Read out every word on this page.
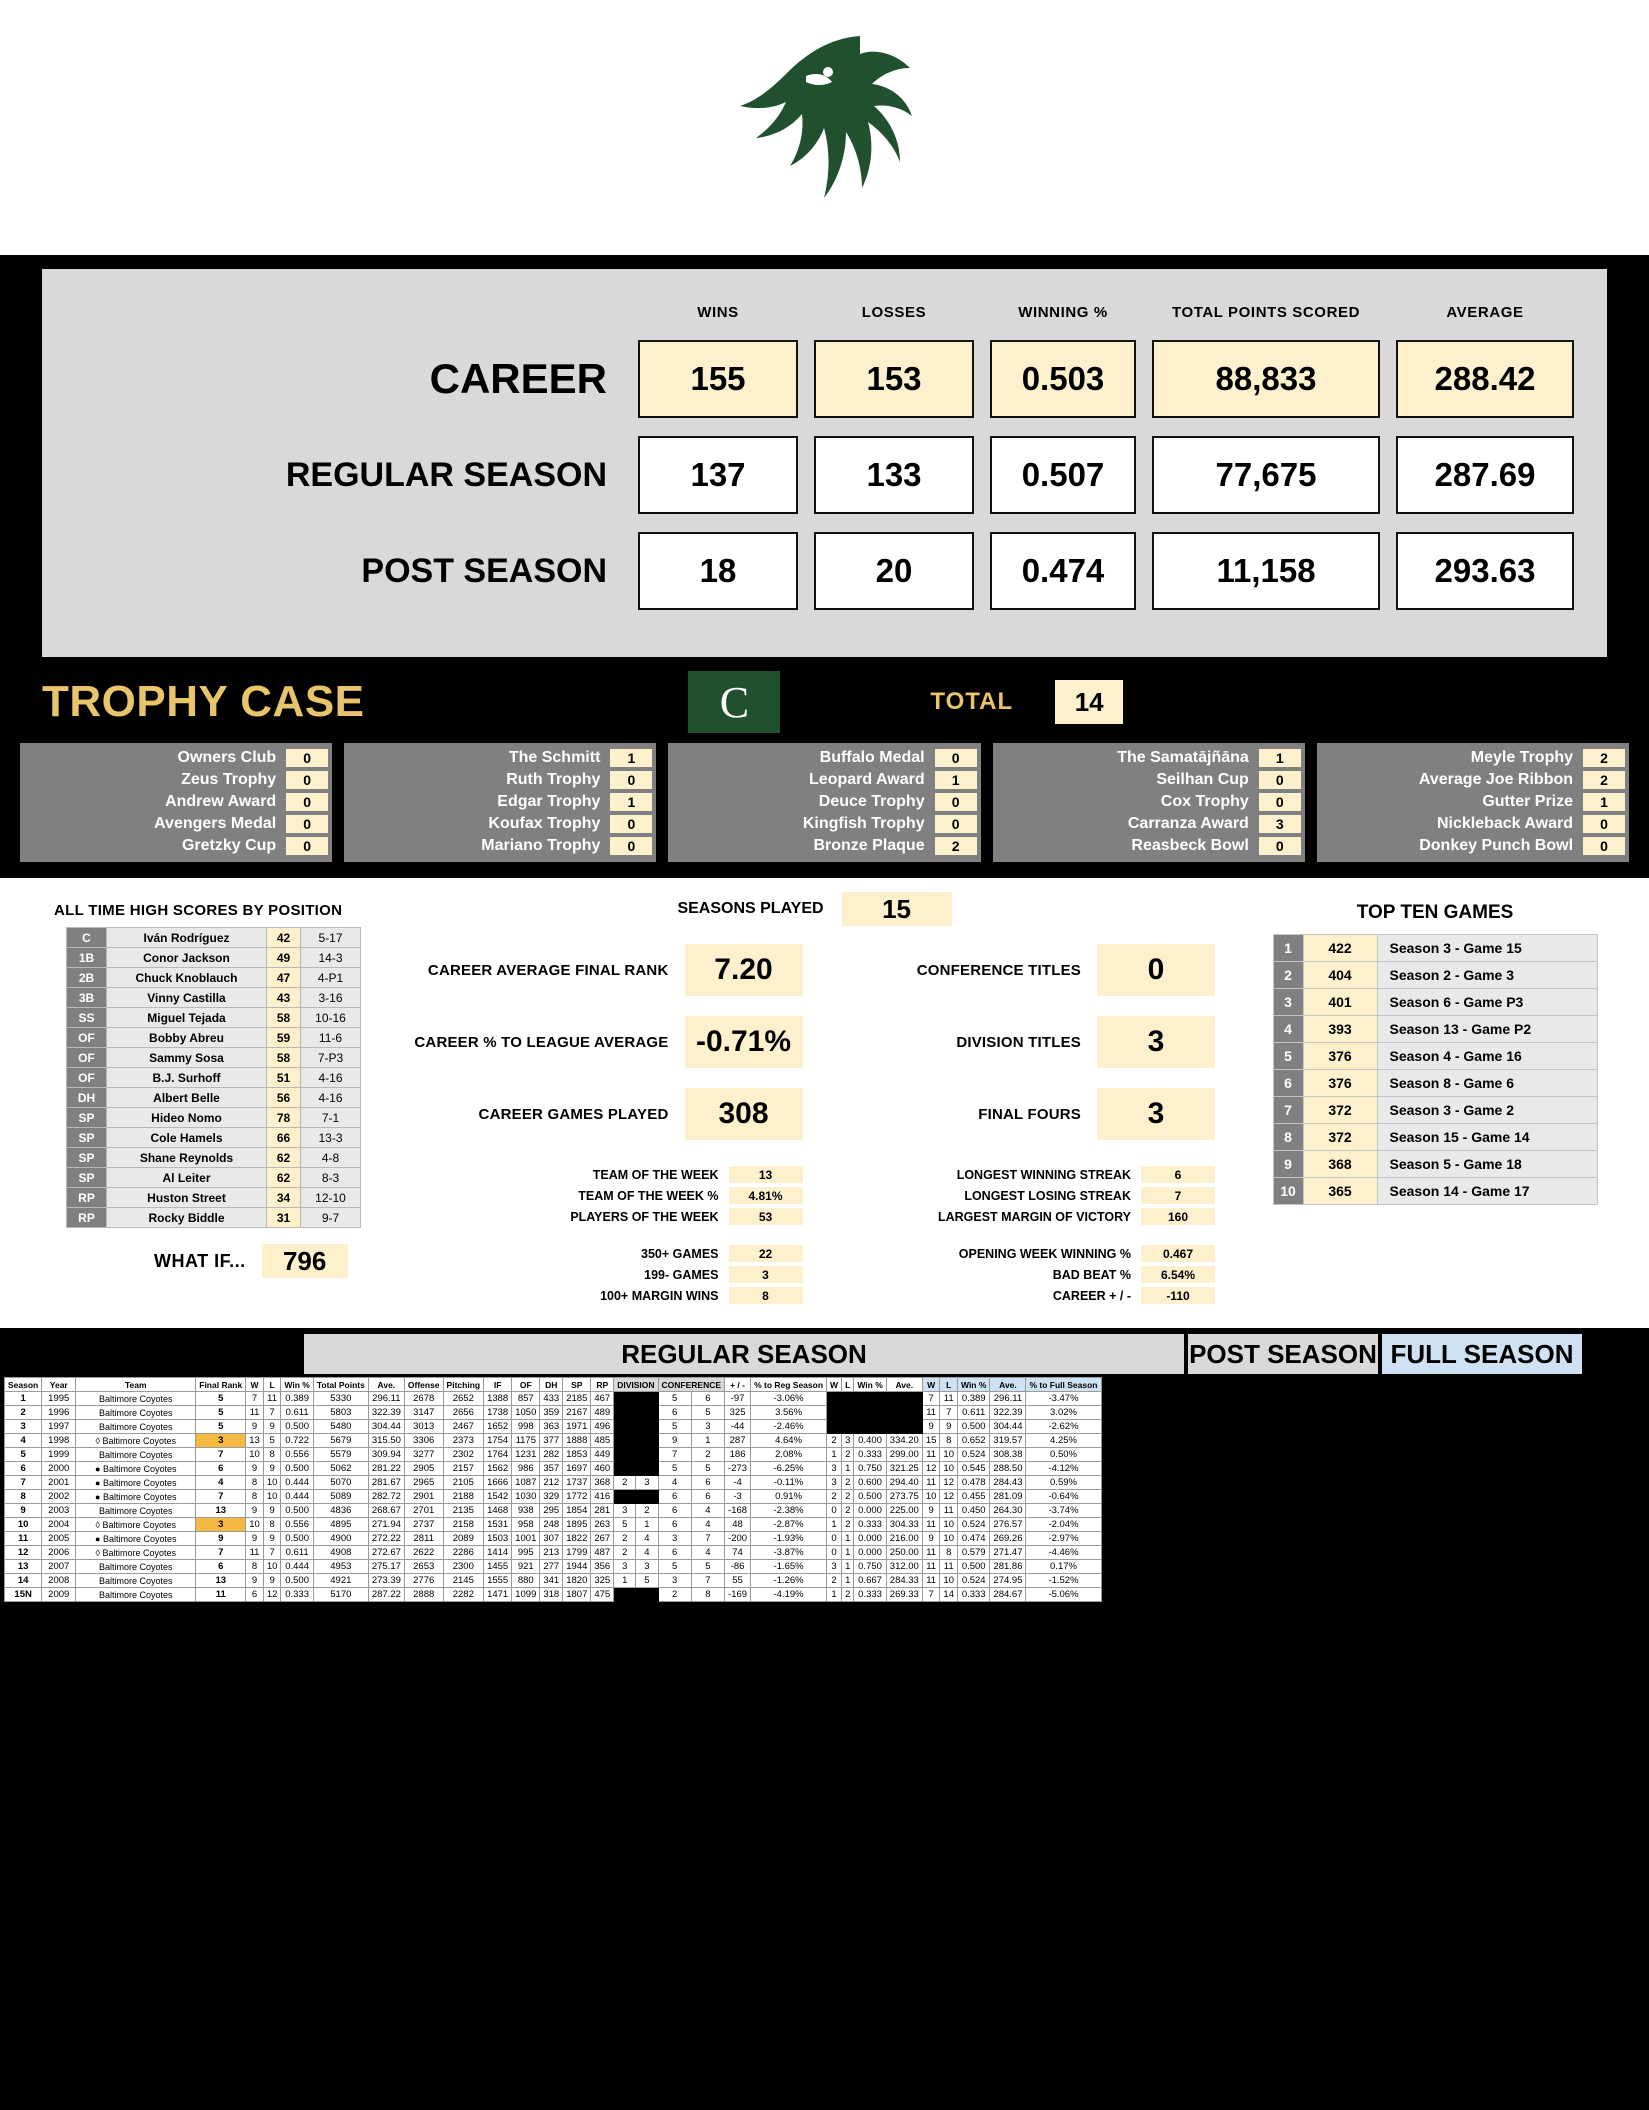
	WINS	LOSSES	WINNING %	TOTAL POINTS SCORED	AVERAGE
CAREER	155	153	0.503	88,833	288.42

REGULAR SEASON	137	133	0.507	77,675	287.69

POST SEASON	18	20	0.474	11,158	293.63
TROPHY CASE	C	TOTAL	14
Owners Club	0
Zeus Trophy	0
Andrew Award	0
Avengers Medal	0
Gretzky Cup	0
The Schmitt	1
Ruth Trophy	0
Edgar Trophy	1
Koufax Trophy	0
Mariano Trophy	0
Buffalo Medal	0
Leopard Award	1
Deuce Trophy	0
Kingfish Trophy	0
Bronze Plaque	2
The Samatājñāna	1
Seilhan Cup	0
Cox Trophy	0
Carranza Award	3
Reasbeck Bowl	0
Meyle Trophy	2
Average Joe Ribbon	2
Gutter Prize	1
Nickleback Award	0
Donkey Punch Bowl	0
ALL TIME HIGH SCORES BY POSITION
C	Iván Rodríguez	42	5-17
1B	Conor Jackson	49	14-3
2B	Chuck Knoblauch	47	4-P1
3B	Vinny Castilla	43	3-16
SS	Miguel Tejada	58	10-16
OF	Bobby Abreu	59	11-6
OF	Sammy Sosa	58	7-P3
OF	B.J. Surhoff	51	4-16
DH	Albert Belle	56	4-16
SP	Hideo Nomo	78	7-1
SP	Cole Hamels	66	13-3
SP	Shane Reynolds	62	4-8
SP	Al Leiter	62	8-3
RP	Huston Street	34	12-10
RP	Rocky Biddle	31	9-7
WHAT IF...	796
SEASONS PLAYED	15
CAREER AVERAGE FINAL RANK	7.20	CONFERENCE TITLES	0
CAREER % TO LEAGUE AVERAGE -0.71%	DIVISION TITLES	3
CAREER GAMES PLAYED	308	FINAL FOURS	3
TEAM OF THE WEEK	13	LONGEST WINNING STREAK	6
TEAM OF THE WEEK %	4.81%	LONGEST LOSING STREAK	7
PLAYERS OF THE WEEK	53	LARGEST MARGIN OF VICTORY	160
350+ GAMES	22	OPENING WEEK WINNING %	0.467
199- GAMES	3	BAD BEAT %	6.54%
100+ MARGIN WINS	8	CAREER + / -	-110
TOP TEN GAMES
1	422	Season 3 - Game 15
2	404	Season 2 - Game 3
3	401	Season 6 - Game P3
4	393	Season 13 - Game P2
5	376	Season 4 - Game 16
6	376	Season 8 - Game 6
7	372	Season 3 - Game 2
8	372	Season 15 - Game 14
9	368	Season 5 - Game 18
10	365	Season 14 - Game 17
REGULAR SEASON	POST SEASON FULL SEASON
Season	Year	Team	Final Rank	W	L	Win %	Total Points	Ave.	Offense	Pitching	IF	OF	DH	SP	RP	DIVISION		CONFERENCE		+ / -	% to Reg Season	W	L	Win %	Ave.	W	L	Win %	Ave.	% to Full Season
1	1995	Baltimore Coyotes	5	7	11	0.389	5330	296.11	2678	2652	1388	857	433	2185	467			5	6	-97	-3.06%					7	11	0.389	296.11	-3.47%
2	1996	Baltimore Coyotes	5	11	7	0.611	5803	322.39	3147	2656	1738	1050	359	2167	489			6	5	325	3.56%					11	7	0.611	322.39	3.02%
3	1997	Baltimore Coyotes	5	9	9	0.500	5480	304.44	3013	2467	1652	998	363	1971	496			5	3	-44	-2.46%					9	9	0.500	304.44	-2.62%
4	1998	◊ Baltimore Coyotes	3	13	5	0.722	5679	315.50	3306	2373	1754	1175	377	1888	485			9	1	287	4.64%	2	3	0.400	334.20	15	8	0.652	319.57	4.25%
5	1999	Baltimore Coyotes	7	10	8	0.556	5579	309.94	3277	2302	1764	1231	282	1853	449			7	2	186	2.08%	1	2	0.333	299.00	11	10	0.524	308.38	0.50%
6	2000	● Baltimore Coyotes	6	9	9	0.500	5062	281.22	2905	2157	1562	986	357	1697	460			5	5	-273	-6.25%	3	1	0.750	321.25	12	10	0.545	288.50	-4.12%
7	2001	● Baltimore Coyotes	4	8	10	0.444	5070	281.67	2965	2105	1666	1087	212	1737	368	2	3	4	6	-4	-0.11%	3	2	0.600	294.40	11	12	0.478	284.43	0.59%
8	2002	● Baltimore Coyotes	7	8	10	0.444	5089	282.72	2901	2188	1542	1030	329	1772	416			6	6	-3	0.91%	2	2	0.500	273.75	10	12	0.455	281.09	-0.64%
9	2003	Baltimore Coyotes	13	9	9	0.500	4836	268.67	2701	2135	1468	938	295	1854	281	3	2	6	4	-168	-2.38%	0	2	0.000	225.00	9	11	0.450	264.30	-3.74%
10	2004	◊ Baltimore Coyotes	3	10	8	0.556	4895	271.94	2737	2158	1531	958	248	1895	263	5	1	6	4	48	-2.87%	1	2	0.333	304.33	11	10	0.524	276.57	-2.04%
11	2005	● Baltimore Coyotes	9	9	9	0.500	4900	272.22	2811	2089	1503	1001	307	1822	267	2	4	3	7	-200	-1.93%	0	1	0.000	216.00	9	10	0.474	269.26	-2.97%
12	2006	◊ Baltimore Coyotes	7	11	7	0.611	4908	272.67	2622	2286	1414	995	213	1799	487	2	4	6	4	74	-3.87%	0	1	0.000	250.00	11	8	0.579	271.47	-4.46%
13	2007	Baltimore Coyotes	6	8	10	0.444	4953	275.17	2653	2300	1455	921	277	1944	356	3	3	5	5	-86	-1.65%	3	1	0.750	312.00	11	11	0.500	281.86	0.17%
14	2008	Baltimore Coyotes	13	9	9	0.500	4921	273.39	2776	2145	1555	880	341	1820	325	1	5	3	7	55	-1.26%	2	1	0.667	284.33	11	10	0.524	274.95	-1.52%
15N	2009	Baltimore Coyotes	11	6	12	0.333	5170	287.22	2888	2282	1471	1099	318	1807	475			2	8	-169	-4.19%	1	2	0.333	269.33	7	14	0.333	284.67	-5.06%
